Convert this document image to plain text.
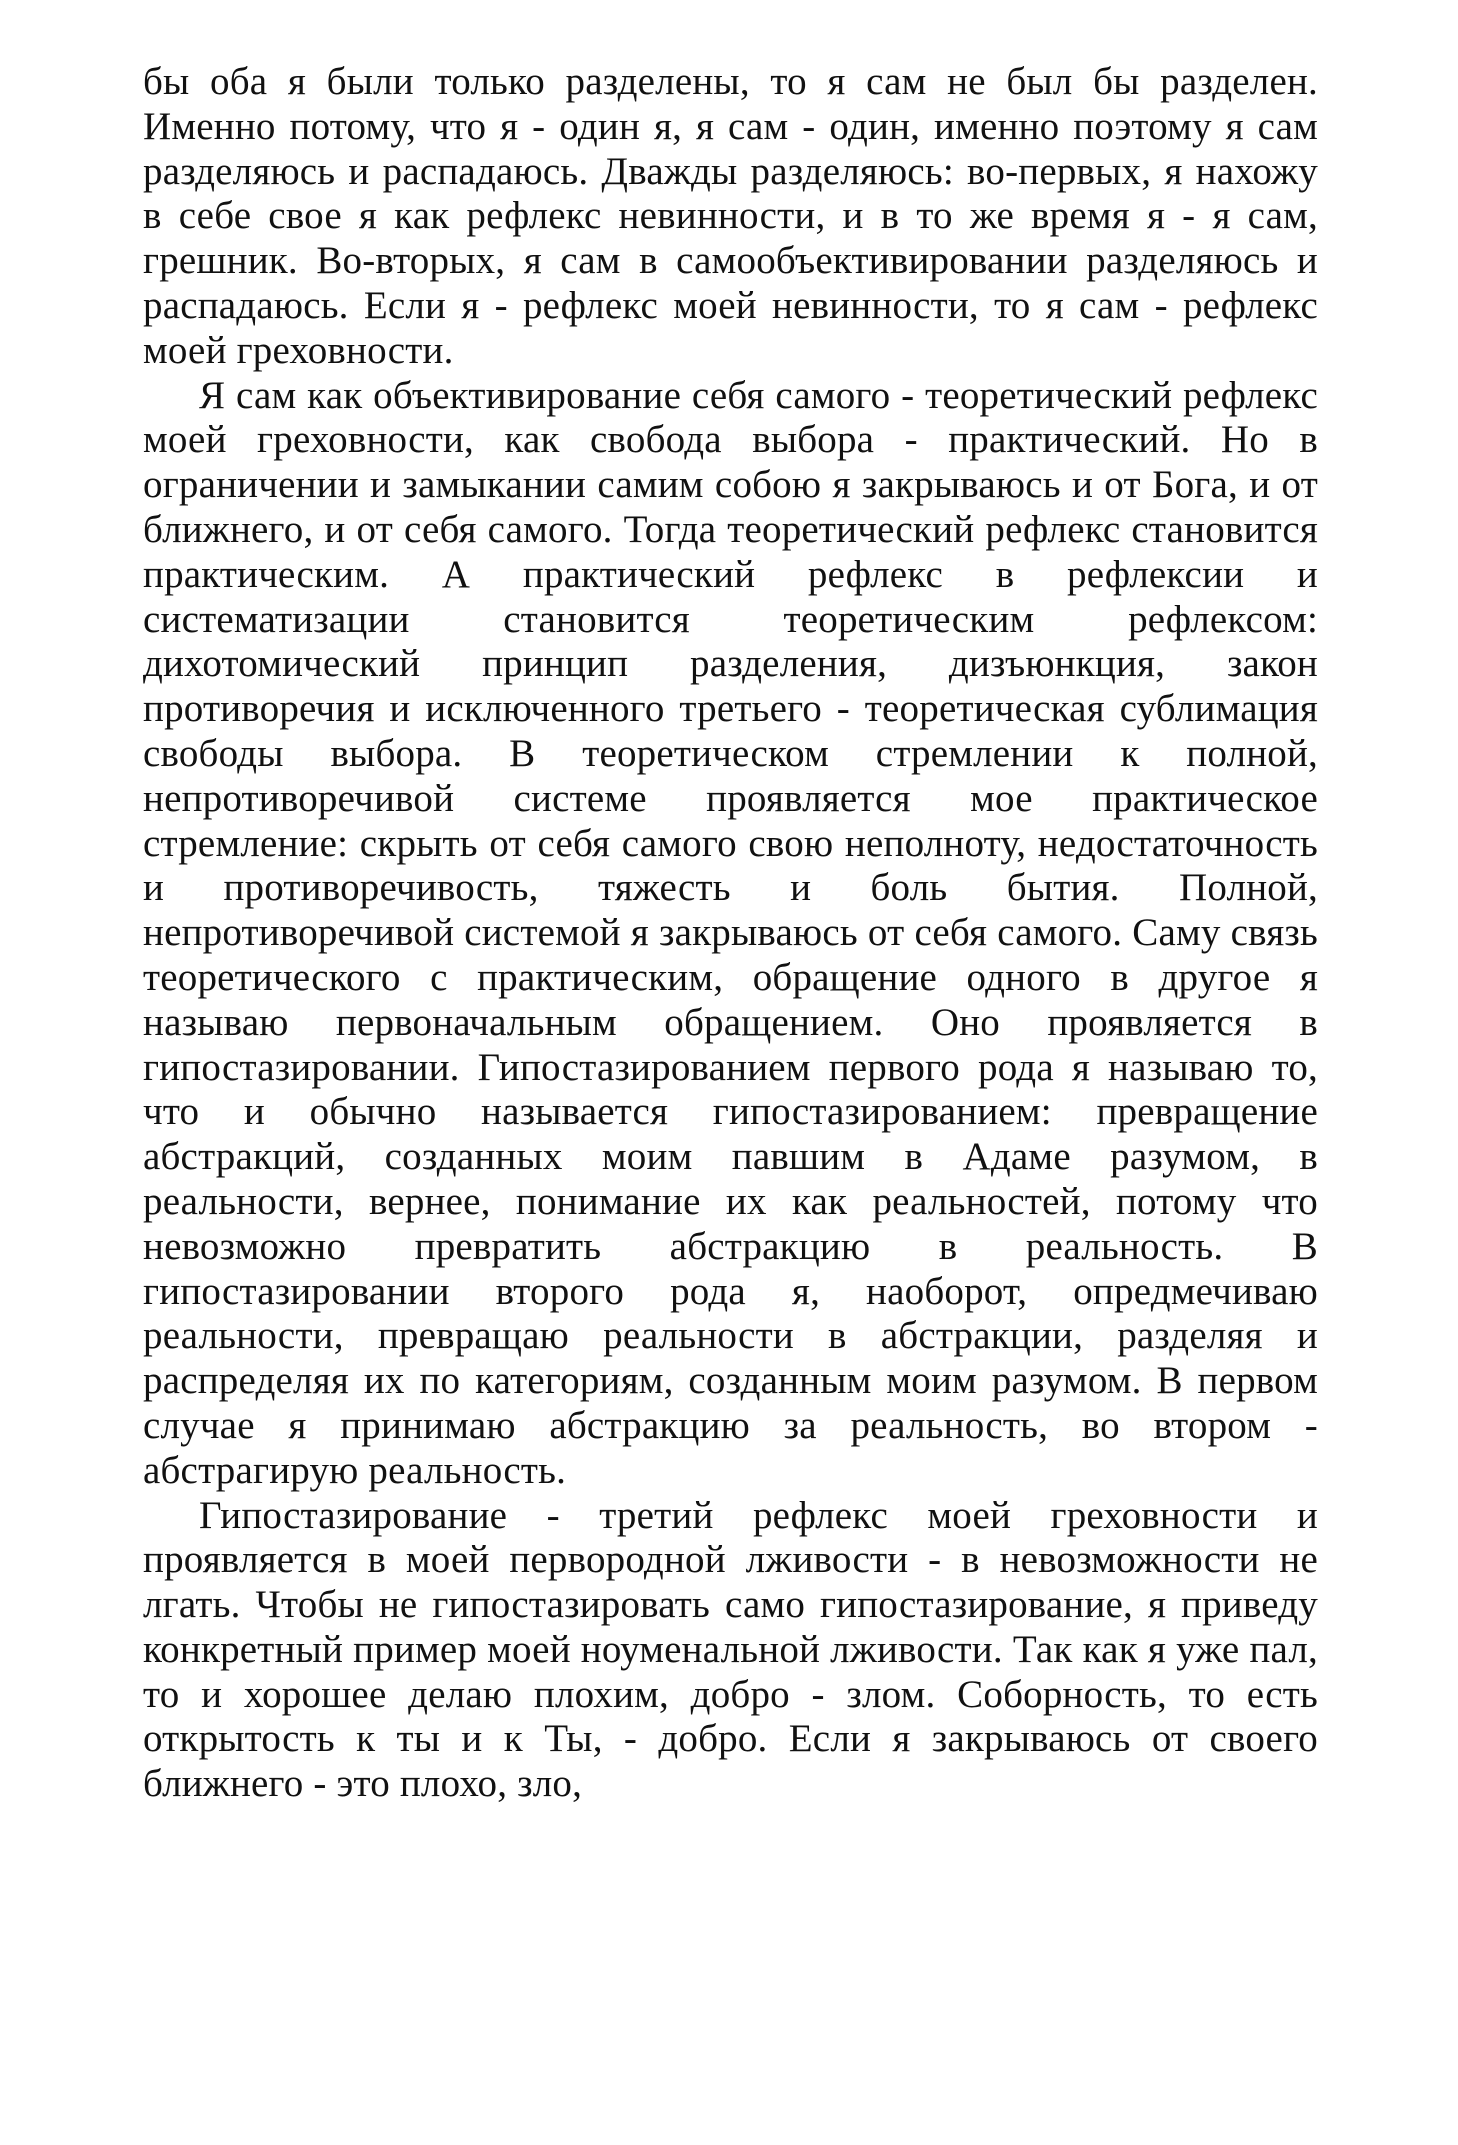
бы оба я были только разделены, то я сам не был бы разделен. Именно потому, что я - один я, я сам - один, именно поэтому я сам разделяюсь и распадаюсь. Дважды разделяюсь: во-первых, я нахожу в себе свое я как рефлекс невинности, и в то же время я - я сам, грешник. Во-вторых, я сам в самообъективировании разделяюсь и распадаюсь. Если я - рефлекс моей невинности, то я сам - рефлекс моей греховности.

Я сам как объективирование себя самого - теоретический рефлекс моей греховности, как свобода выбора - практический. Но в ограничении и замыкании самим собою я закрываюсь и от Бога, и от ближнего, и от себя самого. Тогда теоретический рефлекс становится практическим. А практический рефлекс в рефлексии и систематизации становится теоретическим рефлексом: дихотомический принцип разделения, дизъюнкция, закон противоречия и исключенного третьего - теоретическая сублимация свободы выбора. В теоретическом стремлении к полной, непротиворечивой системе проявляется мое практическое стремление: скрыть от себя самого свою неполноту, недостаточность и противоречивость, тяжесть и боль бытия. Полной, непротиворечивой системой я закрываюсь от себя самого. Саму связь теоретического с практическим, обращение одного в другое я называю первоначальным обращением. Оно проявляется в гипостазировании. Гипостазированием первого рода я называю то, что и обычно называется гипостазированием: превращение абстракций, созданных моим павшим в Адаме разумом, в реальности, вернее, понимание их как реальностей, потому что невозможно превратить абстракцию в реальность. В гипостазировании второго рода я, наоборот, опредмечиваю реальности, превращаю реальности в абстракции, разделяя и распределяя их по категориям, созданным моим разумом. В первом случае я принимаю абстракцию за реальность, во втором - абстрагирую реальность.

Гипостазирование - третий рефлекс моей греховности и проявляется в моей первородной лживости - в невозможности не лгать. Чтобы не гипостазировать само гипостазирование, я приведу конкретный пример моей ноуменальной лживости. Так как я уже пал, то и хорошее делаю плохим, добро - злом. Соборность, то есть открытость к ты и к Ты, - добро. Если я закрываюсь от своего ближнего - это плохо, зло,
